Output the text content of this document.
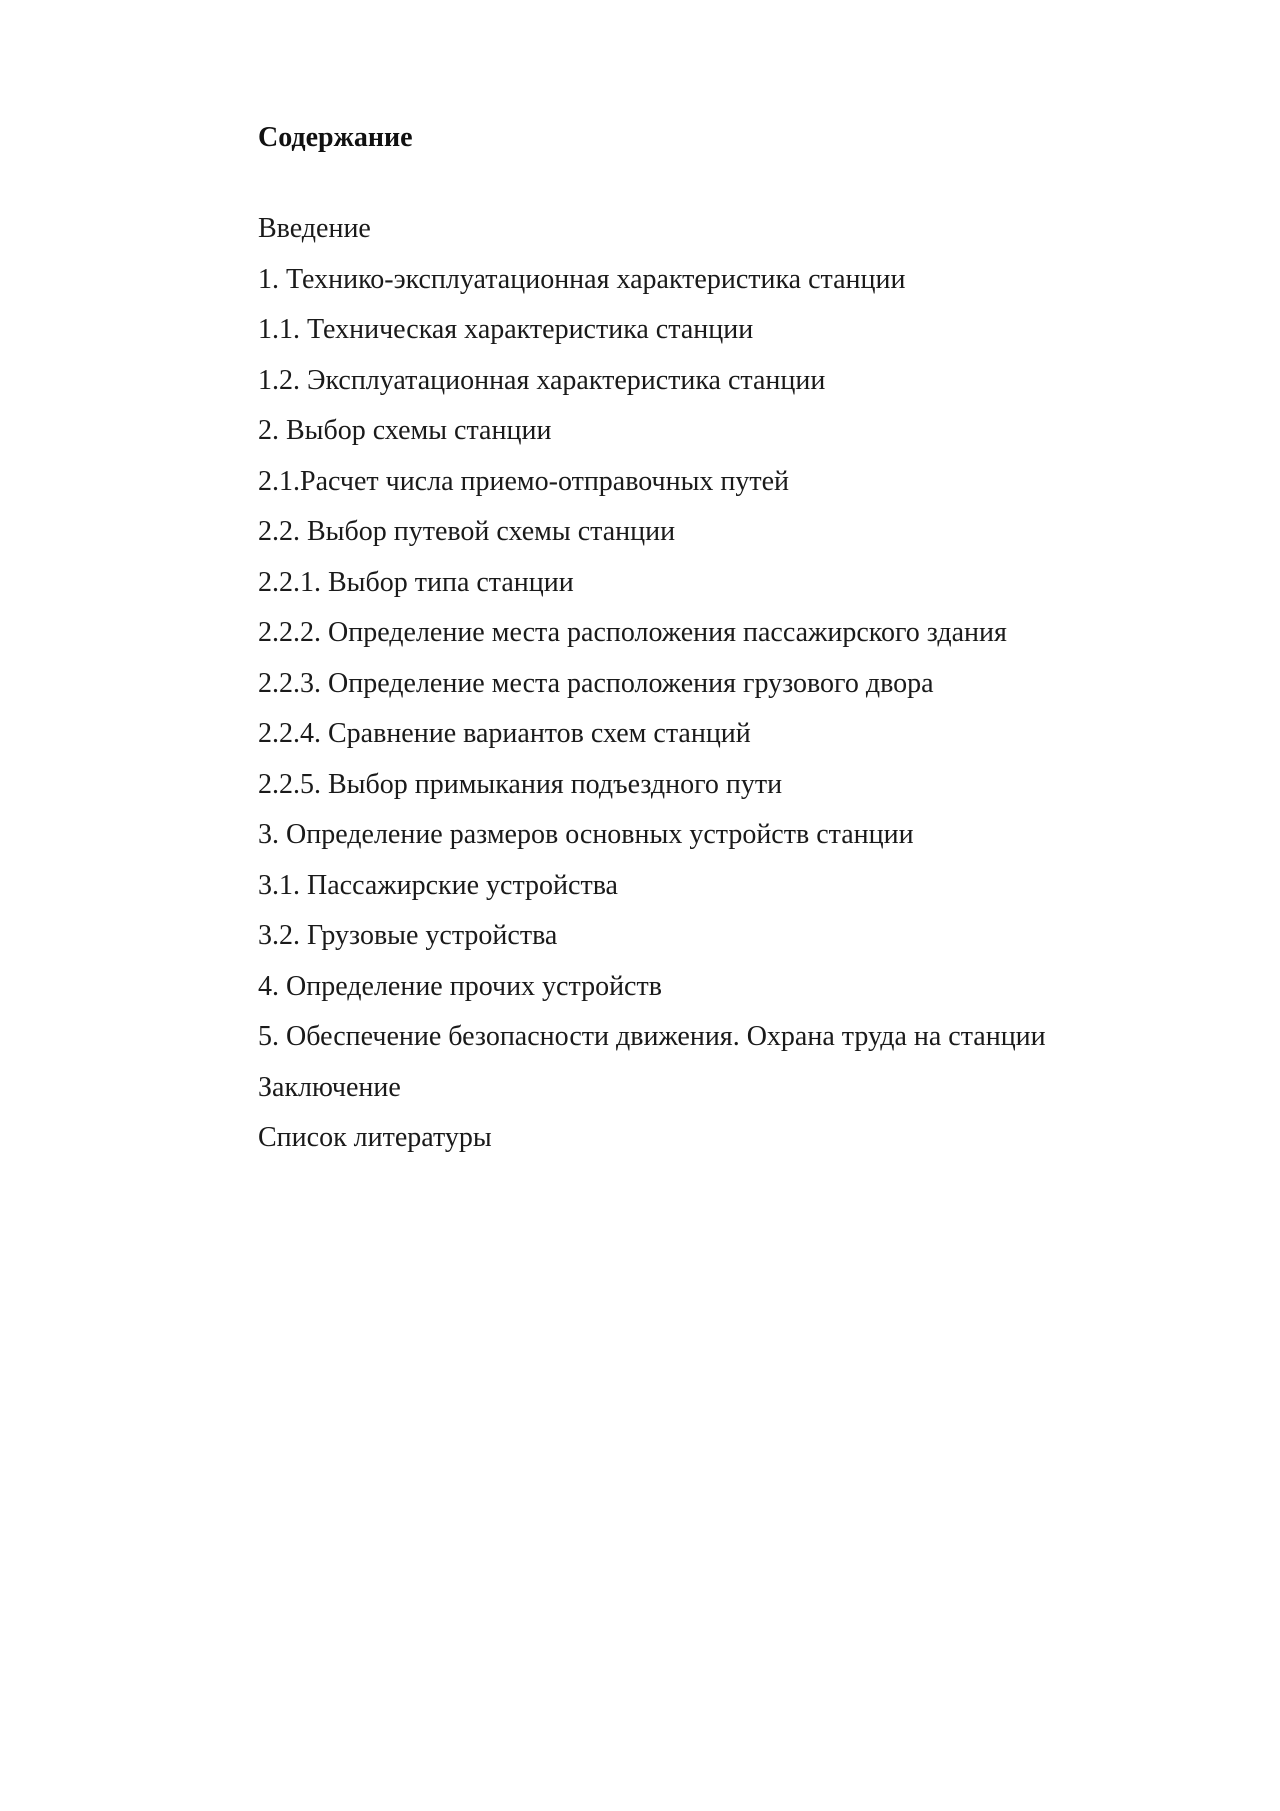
Содержание
Введение
1. Технико-эксплуатационная характеристика станции
1.1. Техническая характеристика станции
1.2. Эксплуатационная характеристика станции
2. Выбор схемы станции
2.1.Расчет числа приемо-отправочных путей
2.2. Выбор путевой схемы станции
2.2.1. Выбор типа станции
2.2.2. Определение места расположения пассажирского здания
2.2.3. Определение места расположения грузового двора
2.2.4. Сравнение вариантов схем станций
2.2.5. Выбор примыкания подъездного пути
3. Определение размеров основных устройств станции
3.1. Пассажирские устройства
3.2. Грузовые устройства
4. Определение прочих устройств
5. Обеспечение безопасности движения. Охрана труда на станции
Заключение
Список литературы
